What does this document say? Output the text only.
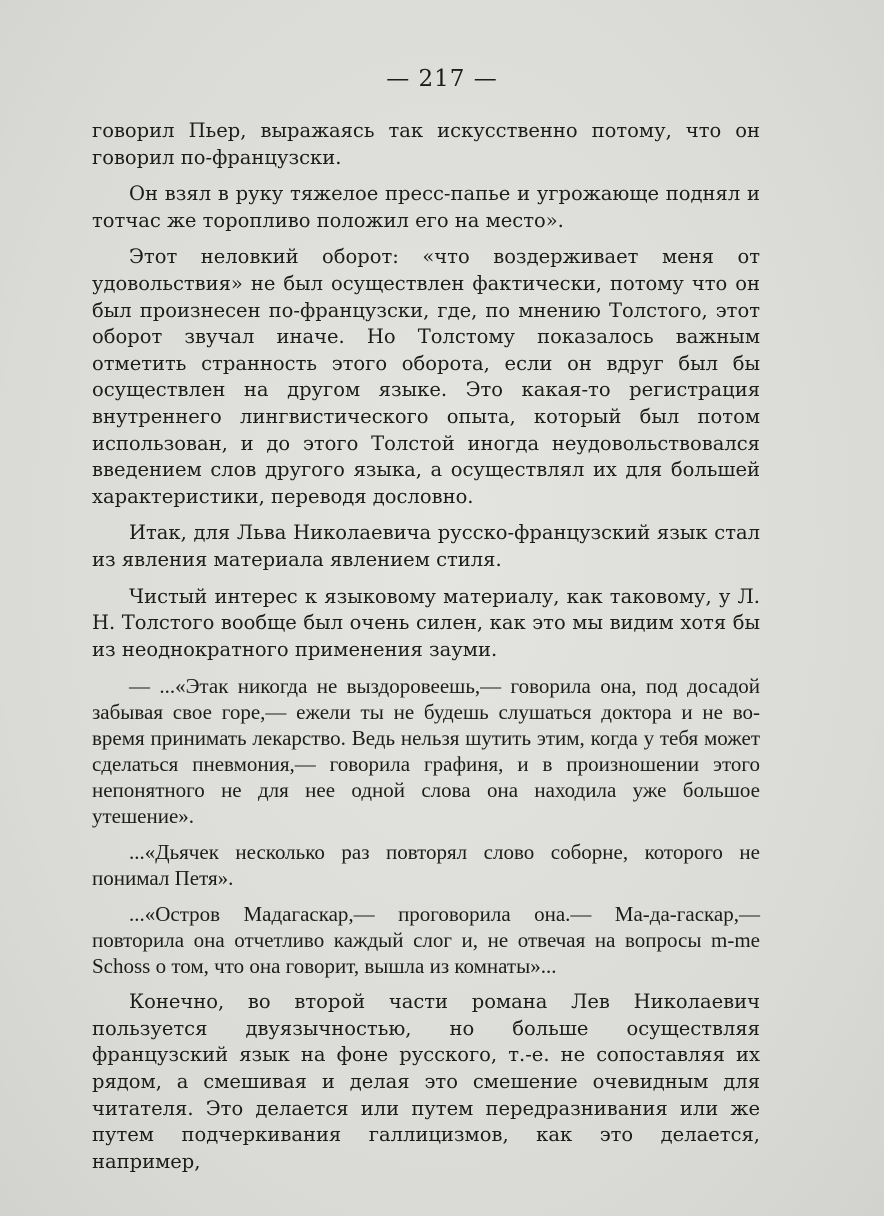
— 217 —

говорил Пьер, выражаясь так искусственно потому, что он говорил по-французски.

Он взял в руку тяжелое пресс-папье и угрожающе поднял и тотчас же торопливо положил его на место».

Этот неловкий оборот: «что воздерживает меня от удовольствия» не был осуществлен фактически, потому что он был произнесен по-французски, где, по мнению Толстого, этот оборот звучал иначе. Но Толстому показалось важным отметить странность этого оборота, если он вдруг был бы осуществлен на другом языке. Это какая-то регистрация внутреннего лингвистического опыта, который был потом использован, и до этого Толстой иногда неудовольствовался введением слов другого языка, а осуществлял их для большей характеристики, переводя дословно.

Итак, для Льва Николаевича русско-французский язык стал из явления материала явлением стиля.

Чистый интерес к языковому материалу, как таковому, у Л. Н. Толстого вообще был очень силен, как это мы видим хотя бы из неоднократного применения зауми.

— ...«Этак никогда не выздоровеешь,— говорила она, под досадой забывая свое горе,— ежели ты не будешь слушаться доктора и не во-время принимать лекарство. Ведь нельзя шутить этим, когда у тебя может сделаться пневмония,— говорила графиня, и в произношении этого непонятного не для нее одной слова она находила уже большое утешение».

...«Дьячек несколько раз повторял слово соборне, которого не понимал Петя».

...«Остров Мадагаскар,— проговорила она.— Ма-да-гаскар,— повторила она отчетливо каждый слог и, не отвечая на вопросы m-me Schoss о том, что она говорит, вышла из комнаты»...

Конечно, во второй части романа Лев Николаевич пользуется двуязычностью, но больше осуществляя французский язык на фоне русского, т.-е. не сопоставляя их рядом, а смешивая и делая это смешение очевидным для читателя. Это делается или путем передразнивания или же путем подчеркивания галлицизмов, как это делается, например,
